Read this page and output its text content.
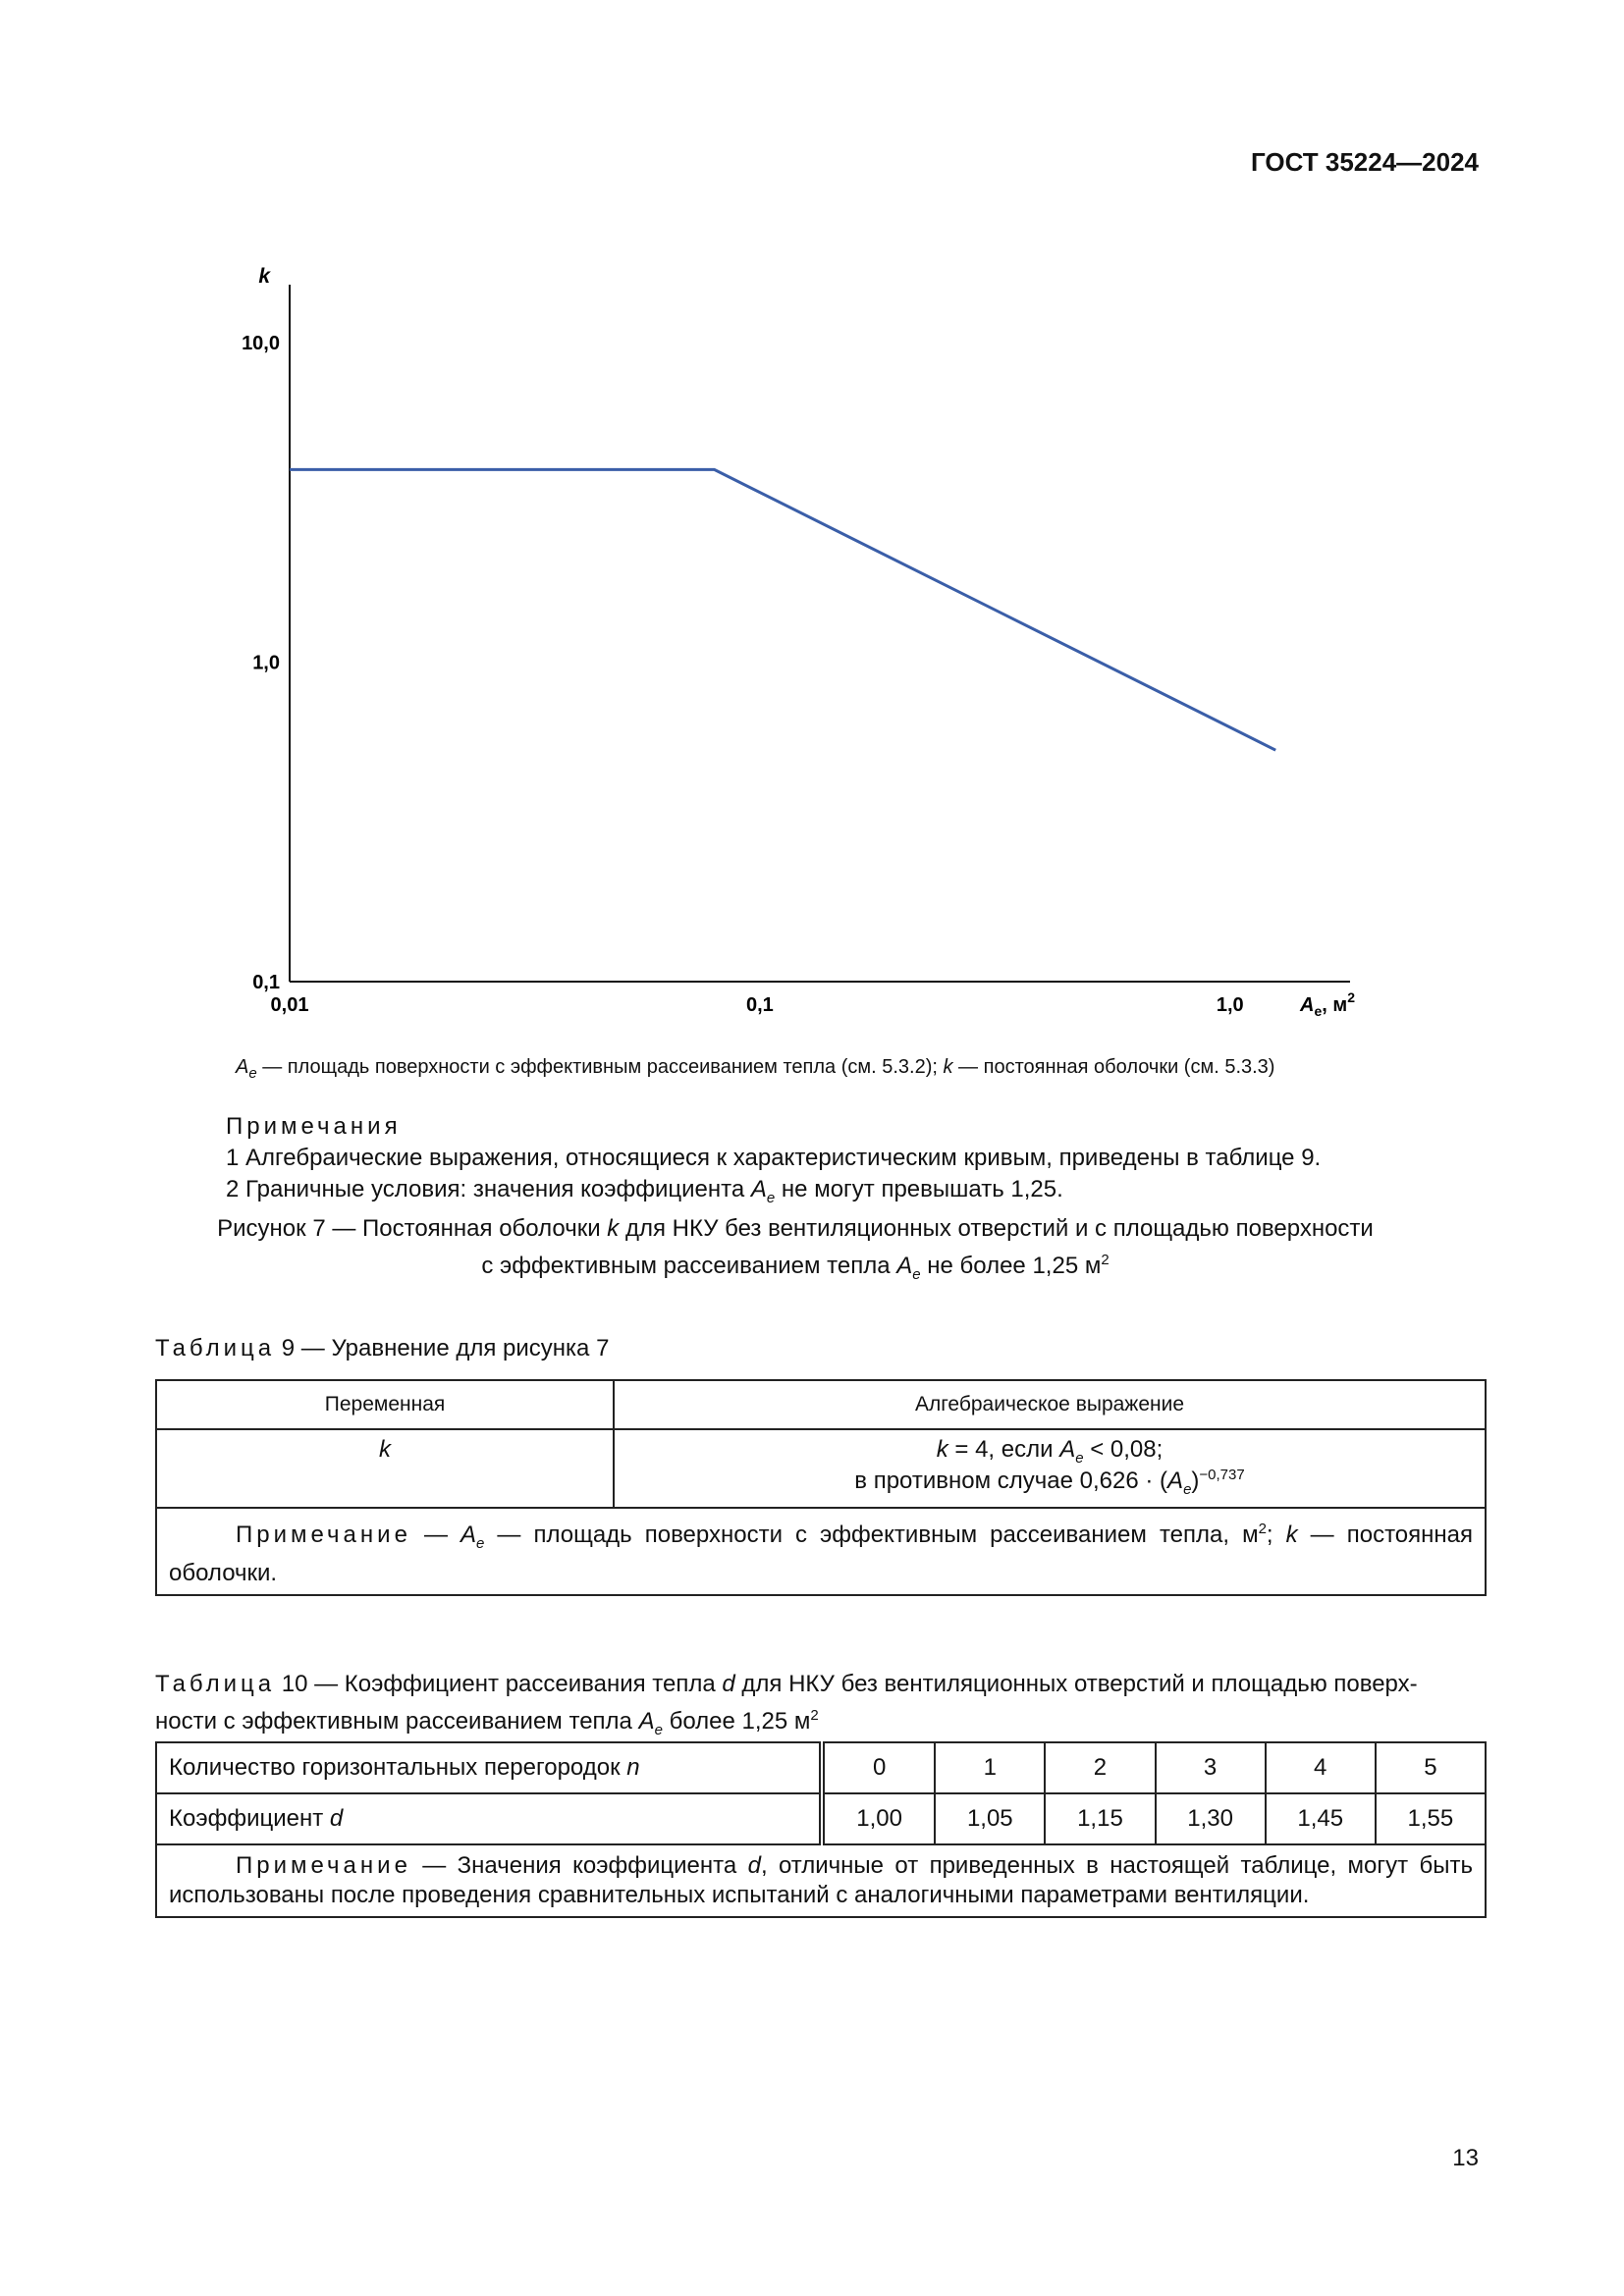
ГОСТ 35224—2024
k
0,1
1,0
10,0
0,01	0,1	1,0	$A_e$, $м^2$
$A_e$ — площадь поверхности с эффективным рассеиванием тепла (см. 5.3.2); k — постоянная оболочки (см. 5.3.3)
Примечания
1 Алгебраические выражения, относящиеся к характеристическим кривым, приведены в таблице 9.
2 Граничные условия: значения коэффициента $A_e$ не могут превышать 1,25.
Рисунок 7 — Постоянная оболочки k для НКУ без вентиляционных отверстий и с площадью поверхности
с эффективным рассеиванием тепла $A_e$ не более 1,25 $м^2$
Таблица 9 — Уравнение для рисунка 7
Переменная	Алгебраическое выражение
k	k = 4, если $A_e < 0,08$;
в противном случае $0,626 \cdot (A_e)^{-0,737}$

Примечание — $A_e$ — площадь поверхности с эффективным рассеиванием тепла, $м^2$; k — постоянная оболочки.	
Таблица 10 — Коэффициент рассеивания тепла d для НКУ без вентиляционных отверстий и площадью поверх-
ности с эффективным рассеиванием тепла $A_e$ более 1,25 $м^2$
Количество горизонтальных перегородок n	0	1	2	3	4	5
Коэффициент d	1,00	1,05	1,15	1,30	1,45	1,55
Примечание — Значения коэффициента d, отличные от приведенных в настоящей таблице, могут быть использованы после проведения сравнительных испытаний с аналогичными параметрами вентиляции.						
13
